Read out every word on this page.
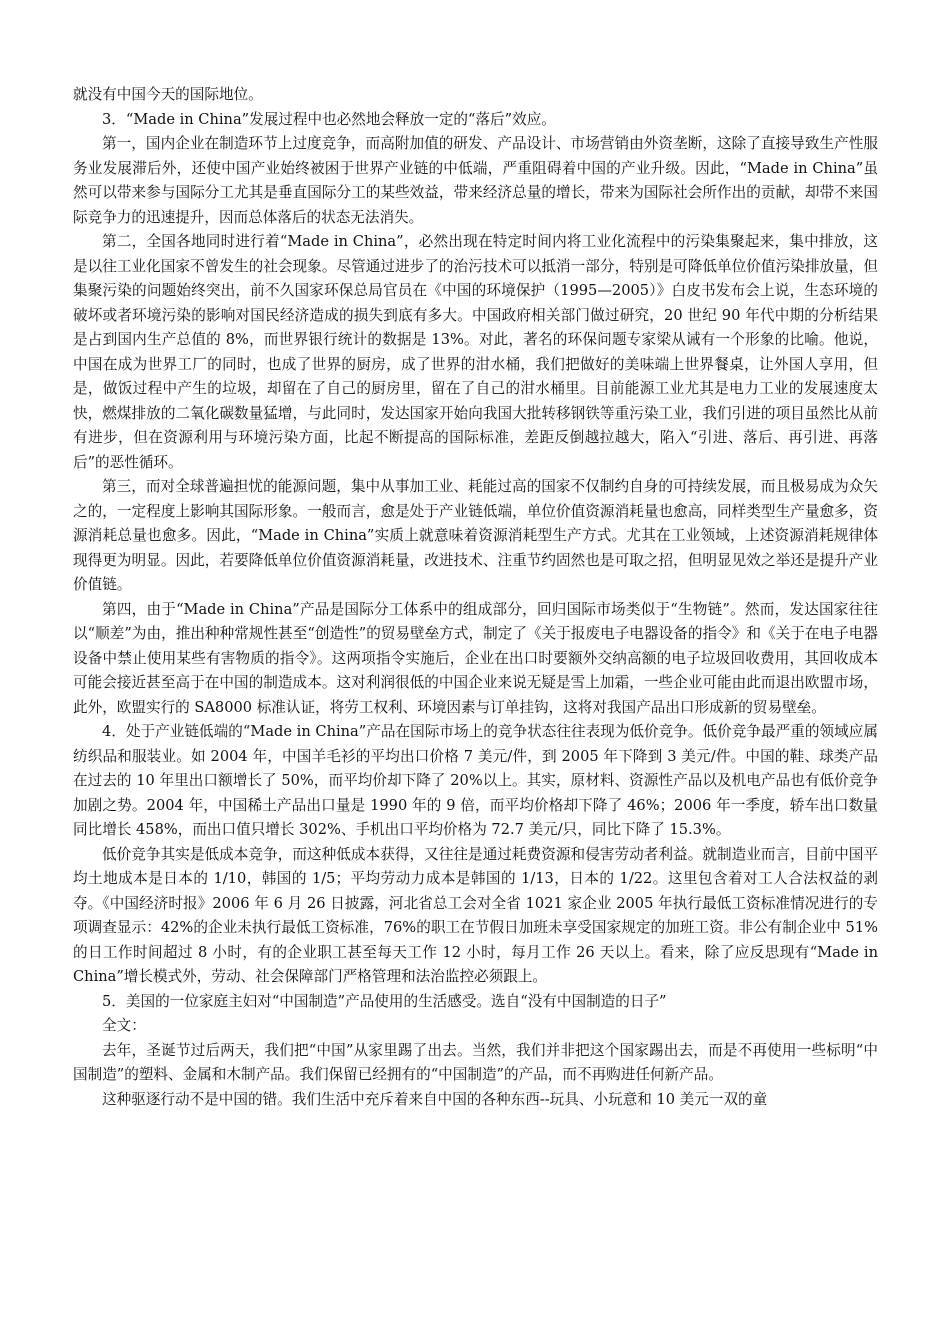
就没有中国今天的国际地位。

3．“Made in China”发展过程中也必然地会释放一定的“落后”效应。

第一，国内企业在制造环节上过度竞争，而高附加值的研发、产品设计、市场营销由外资垄断，这除了直接导致生产性服务业发展滞后外，还使中国产业始终被困于世界产业链的中低端，严重阻碍着中国的产业升级。因此，“Made in China”虽然可以带来参与国际分工尤其是垂直国际分工的某些效益，带来经济总量的增长，带来为国际社会所作出的贡献，却带不来国际竞争力的迅速提升，因而总体落后的状态无法消失。

第二，全国各地同时进行着“Made in China”，必然出现在特定时间内将工业化流程中的污染集聚起来，集中排放，这是以往工业化国家不曾发生的社会现象。尽管通过进步了的治污技术可以抵消一部分，特别是可降低单位价值污染排放量，但集聚污染的问题始终突出，前不久国家环保总局官员在《中国的环境保护（1995—2005）》白皮书发布会上说，生态环境的破坏或者环境污染的影响对国民经济造成的损失到底有多大。中国政府相关部门做过研究，20 世纪 90 年代中期的分析结果是占到国内生产总值的 8%，而世界银行统计的数据是 13%。对此，著名的环保问题专家梁从诫有一个形象的比喻。他说，中国在成为世界工厂的同时，也成了世界的厨房，成了世界的泔水桶，我们把做好的美味端上世界餐桌，让外国人享用，但是，做饭过程中产生的垃圾，却留在了自己的厨房里，留在了自己的泔水桶里。目前能源工业尤其是电力工业的发展速度太快，燃煤排放的二氧化碳数量猛增，与此同时，发达国家开始向我国大批转移钢铁等重污染工业，我们引进的项目虽然比从前有进步，但在资源利用与环境污染方面，比起不断提高的国际标准，差距反倒越拉越大，陷入“引进、落后、再引进、再落后”的恶性循环。

第三，而对全球普遍担忧的能源问题，集中从事加工业、耗能过高的国家不仅制约自身的可持续发展，而且极易成为众矢之的，一定程度上影响其国际形象。一般而言，愈是处于产业链低端，单位价值资源消耗量也愈高，同样类型生产量愈多，资源消耗总量也愈多。因此，“Made in China”实质上就意味着资源消耗型生产方式。尤其在工业领域，上述资源消耗规律体现得更为明显。因此，若要降低单位价值资源消耗量，改进技术、注重节约固然也是可取之招，但明显见效之举还是提升产业价值链。

第四，由于“Made in China”产品是国际分工体系中的组成部分，回归国际市场类似于“生物链”。然而，发达国家往往以“顺差”为由，推出种种常规性甚至“创造性”的贸易壁垒方式，制定了《关于报废电子电器设备的指令》和《关于在电子电器设备中禁止使用某些有害物质的指令》。这两项指令实施后，企业在出口时要额外交纳高额的电子垃圾回收费用，其回收成本可能会接近甚至高于在中国的制造成本。这对利润很低的中国企业来说无疑是雪上加霜，一些企业可能由此而退出欧盟市场，此外，欧盟实行的 SA8000 标准认证，将劳工权利、环境因素与订单挂钩，这将对我国产品出口形成新的贸易壁垒。

4．处于产业链低端的“Made in China”产品在国际市场上的竞争状态往往表现为低价竞争。低价竞争最严重的领域应属纺织品和服装业。如 2004 年，中国羊毛衫的平均出口价格 7 美元/件，到 2005 年下降到 3 美元/件。中国的鞋、球类产品在过去的 10 年里出口额增长了 50%，而平均价却下降了 20%以上。其实，原材料、资源性产品以及机电产品也有低价竞争加剧之势。2004 年，中国稀土产品出口量是 1990 年的 9 倍，而平均价格却下降了 46%；2006 年一季度，轿车出口数量同比增长 458%，而出口值只增长 302%、手机出口平均价格为 72.7 美元/只，同比下降了 15.3%。

低价竞争其实是低成本竞争，而这种低成本获得，又往往是通过耗费资源和侵害劳动者利益。就制造业而言，目前中国平均土地成本是日本的 1/10，韩国的 1/5；平均劳动力成本是韩国的 1/13，日本的 1/22。这里包含着对工人合法权益的剥夺。《中国经济时报》2006 年 6 月 26 日披露，河北省总工会对全省 1021 家企业 2005 年执行最低工资标准情况进行的专项调查显示：42%的企业未执行最低工资标准，76%的职工在节假日加班未享受国家规定的加班工资。非公有制企业中 51%的日工作时间超过 8 小时，有的企业职工甚至每天工作 12 小时，每月工作 26 天以上。看来，除了应反思现有“Made in China”增长模式外，劳动、社会保障部门严格管理和法治监控必须跟上。

5．美国的一位家庭主妇对“中国制造”产品使用的生活感受。选自“没有中国制造的日子”

全文：

去年，圣诞节过后两天，我们把“中国”从家里踢了出去。当然，我们并非把这个国家踢出去，而是不再使用一些标明“中国制造”的塑料、金属和木制产品。我们保留已经拥有的“中国制造”的产品，而不再购进任何新产品。

这种驱逐行动不是中国的错。我们生活中充斥着来自中国的各种东西--玩具、小玩意和 10 美元一双的童
